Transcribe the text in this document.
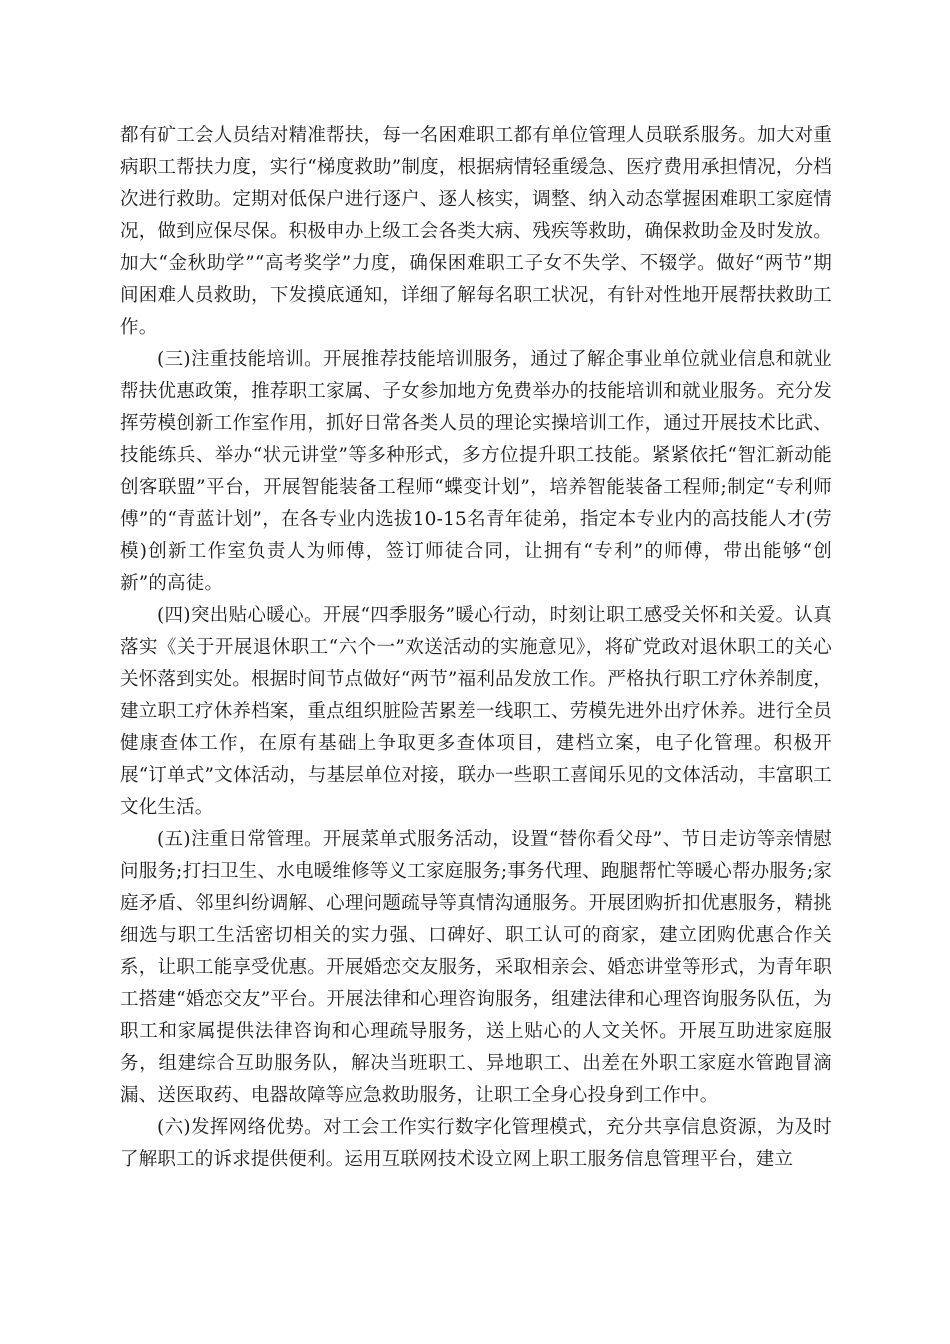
都有矿工会人员结对精准帮扶，每一名困难职工都有单位管理人员联系服务。加大对重病职工帮扶力度，实行“梯度救助”制度，根据病情轻重缓急、医疗费用承担情况，分档次进行救助。定期对低保户进行逐户、逐人核实，调整、纳入动态掌握困难职工家庭情况，做到应保尽保。积极申办上级工会各类大病、残疾等救助，确保救助金及时发放。加大“金秋助学”“高考奖学”力度，确保困难职工子女不失学、不辍学。做好“两节”期间困难人员救助，下发摸底通知，详细了解每名职工状况，有针对性地开展帮扶救助工作。

(三)注重技能培训。开展推荐技能培训服务，通过了解企事业单位就业信息和就业帮扶优惠政策，推荐职工家属、子女参加地方免费举办的技能培训和就业服务。充分发挥劳模创新工作室作用，抓好日常各类人员的理论实操培训工作，通过开展技术比武、技能练兵、举办“状元讲堂”等多种形式，多方位提升职工技能。紧紧依托“智汇新动能创客联盟”平台，开展智能装备工程师“蝶变计划”，培养智能装备工程师;制定“专利师傅”的“青蓝计划”，在各专业内选拔10-15名青年徒弟，指定本专业内的高技能人才(劳模)创新工作室负责人为师傅，签订师徒合同，让拥有“专利”的师傅，带出能够“创新”的高徒。

(四)突出贴心暖心。开展“四季服务”暖心行动，时刻让职工感受关怀和关爱。认真落实《关于开展退休职工“六个一”欢送活动的实施意见》，将矿党政对退休职工的关心关怀落到实处。根据时间节点做好“两节”福利品发放工作。严格执行职工疗休养制度，建立职工疗休养档案，重点组织脏险苦累差一线职工、劳模先进外出疗休养。进行全员健康查体工作，在原有基础上争取更多查体项目，建档立案，电子化管理。积极开展“订单式”文体活动，与基层单位对接，联办一些职工喜闻乐见的文体活动，丰富职工文化生活。

(五)注重日常管理。开展菜单式服务活动，设置“替你看父母”、节日走访等亲情慰问服务;打扫卫生、水电暖维修等义工家庭服务;事务代理、跑腿帮忙等暖心帮办服务;家庭矛盾、邻里纠纷调解、心理问题疏导等真情沟通服务。开展团购折扣优惠服务，精挑细选与职工生活密切相关的实力强、口碑好、职工认可的商家，建立团购优惠合作关系，让职工能享受优惠。开展婚恋交友服务，采取相亲会、婚恋讲堂等形式，为青年职工搭建“婚恋交友”平台。开展法律和心理咨询服务，组建法律和心理咨询服务队伍，为职工和家属提供法律咨询和心理疏导服务，送上贴心的人文关怀。开展互助进家庭服务，组建综合互助服务队，解决当班职工、异地职工、出差在外职工家庭水管跑冒滴漏、送医取药、电器故障等应急救助服务，让职工全身心投身到工作中。

(六)发挥网络优势。对工会工作实行数字化管理模式，充分共享信息资源，为及时了解职工的诉求提供便利。运用互联网技术设立网上职工服务信息管理平台，建立
